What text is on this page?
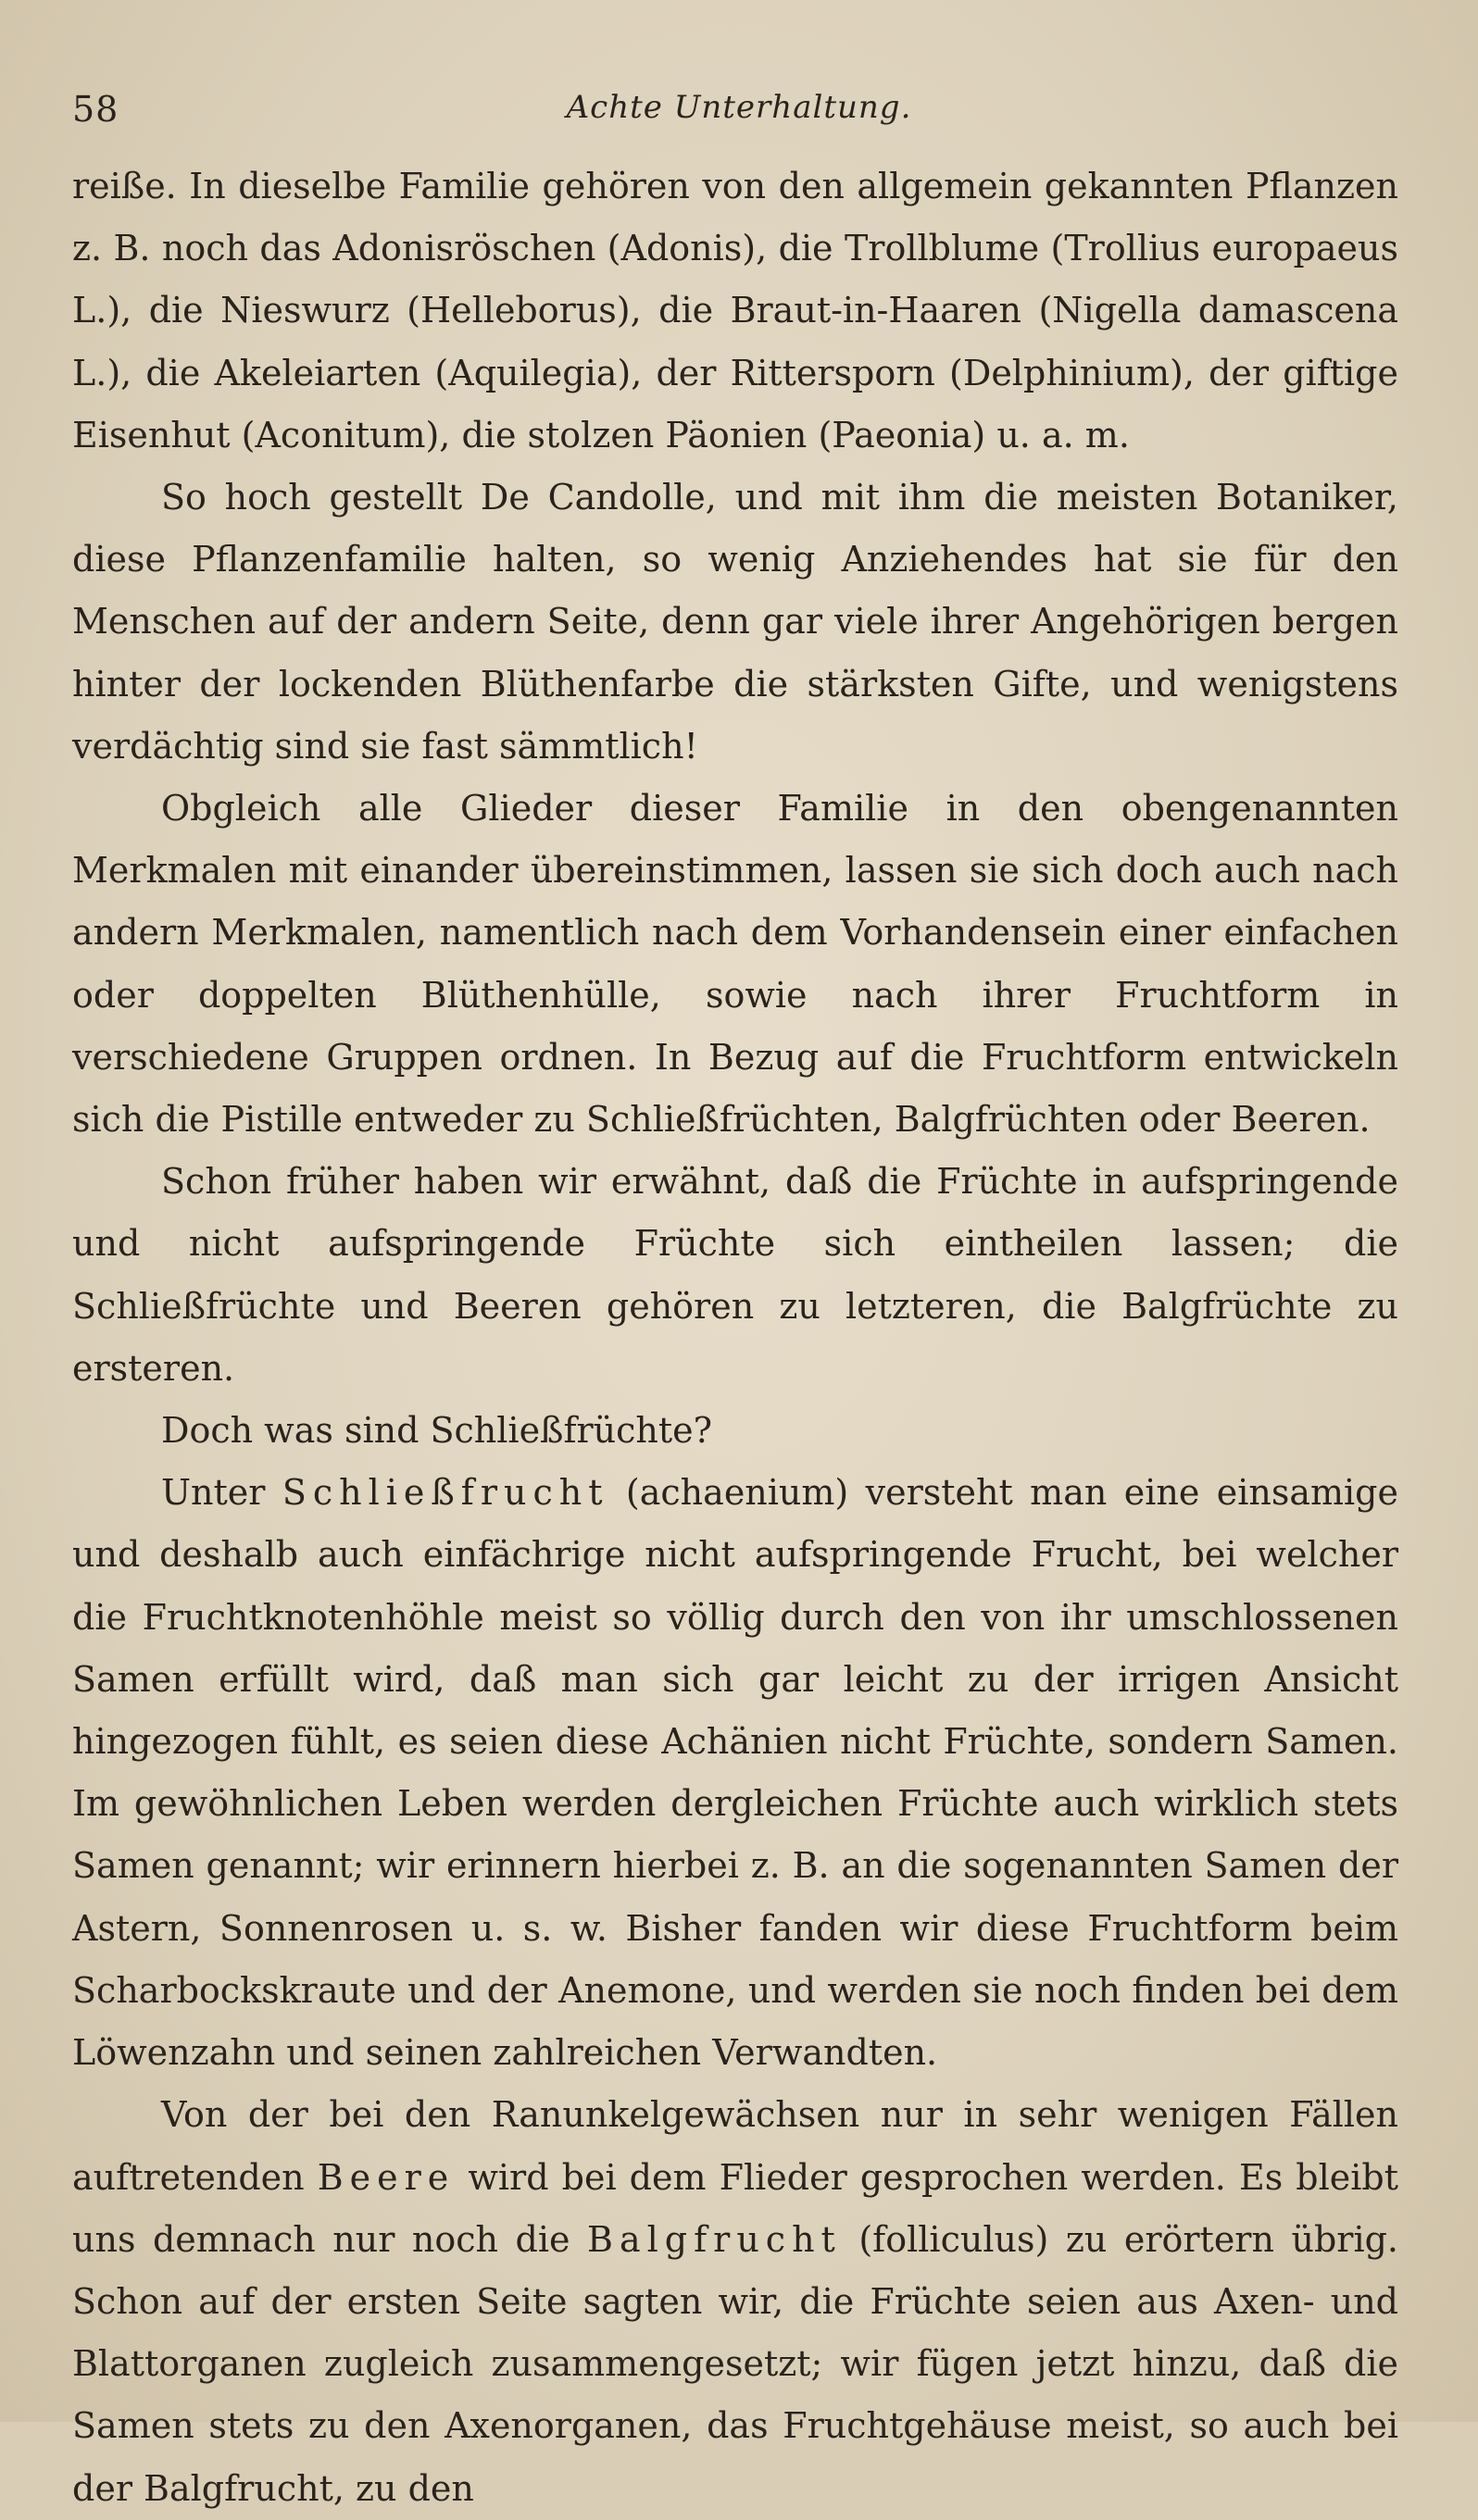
58	Achte Unterhaltung.

reiße. In dieselbe Familie gehören von den allgemein gekannten Pflanzen z. B. noch das Adonisröschen (Adonis), die Trollblume (Trollius europaeus L.), die Nieswurz (Helleborus), die Braut-in-Haaren (Nigella damascena L.), die Akeleiarten (Aquilegia), der Rittersporn (Delphinium), der giftige Eisenhut (Aconitum), die stolzen Päonien (Paeonia) u. a. m.

So hoch gestellt De Candolle, und mit ihm die meisten Botaniker, diese Pflanzenfamilie halten, so wenig Anziehendes hat sie für den Menschen auf der andern Seite, denn gar viele ihrer Angehörigen bergen hinter der lockenden Blüthenfarbe die stärksten Gifte, und wenigstens verdächtig sind sie fast sämmtlich!

Obgleich alle Glieder dieser Familie in den obengenannten Merkmalen mit einander übereinstimmen, lassen sie sich doch auch nach andern Merkmalen, namentlich nach dem Vorhandensein einer einfachen oder doppelten Blüthenhülle, sowie nach ihrer Fruchtform in verschiedene Gruppen ordnen. In Bezug auf die Fruchtform entwickeln sich die Pistille entweder zu Schließfrüchten, Balgfrüchten oder Beeren.

Schon früher haben wir erwähnt, daß die Früchte in aufspringende und nicht aufspringende Früchte sich eintheilen lassen; die Schließfrüchte und Beeren gehören zu letzteren, die Balgfrüchte zu ersteren.

Doch was sind Schließfrüchte?

Unter Schließfrucht (achaenium) versteht man eine einsamige und deshalb auch einfächrige nicht aufspringende Frucht, bei welcher die Fruchtknotenhöhle meist so völlig durch den von ihr umschlossenen Samen erfüllt wird, daß man sich gar leicht zu der irrigen Ansicht hingezogen fühlt, es seien diese Achänien nicht Früchte, sondern Samen. Im gewöhnlichen Leben werden dergleichen Früchte auch wirklich stets Samen genannt; wir erinnern hierbei z. B. an die sogenannten Samen der Astern, Sonnenrosen u. s. w. Bisher fanden wir diese Fruchtform beim Scharbockskraute und der Anemone, und werden sie noch finden bei dem Löwenzahn und seinen zahlreichen Verwandten.

Von der bei den Ranunkelgewächsen nur in sehr wenigen Fällen auftretenden Beere wird bei dem Flieder gesprochen werden. Es bleibt uns demnach nur noch die Balgfrucht (folliculus) zu erörtern übrig. Schon auf der ersten Seite sagten wir, die Früchte seien aus Axen- und Blattorganen zugleich zusammengesetzt; wir fügen jetzt hinzu, daß die Samen stets zu den Axenorganen, das Fruchtgehäuse meist, so auch bei der Balgfrucht, zu den
